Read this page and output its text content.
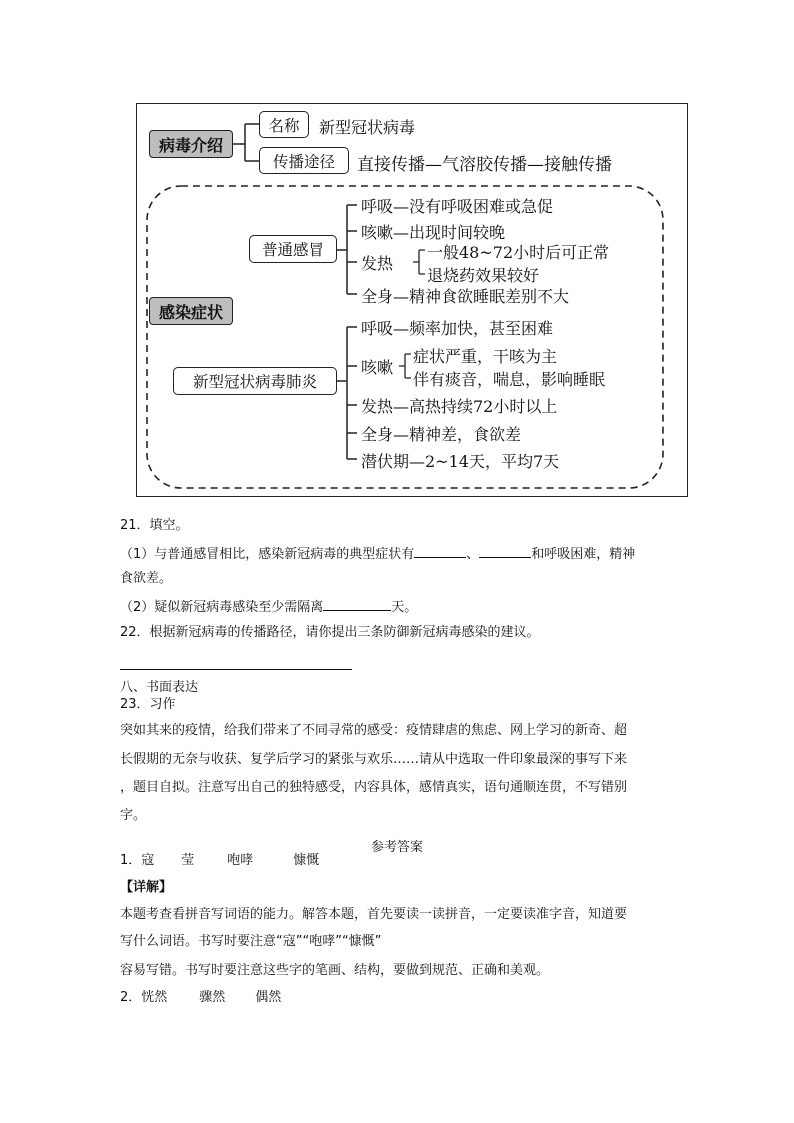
病毒介绍
名称	新型冠状病毒
传播途径	直接传播—气溶胶传播—接触传播
感染症状
普通感冒
呼吸—没有呼吸困难或急促
咳嗽—出现时间较晚
发热
一般48~72小时后可正常
退烧药效果较好
全身—精神食欲睡眠差别不大
新型冠状病毒肺炎
呼吸—频率加快，甚至困难
咳嗽
症状严重，干咳为主
伴有痰音，喘息，影响睡眠
发热—高热持续72小时以上
全身—精神差，食欲差
潜伏期—2~14天，平均7天
21．填空。
（1）与普通感冒相比，感染新冠病毒的典型症状有	、	和呼吸困难，精神
食欲差。
（2）疑似新冠病毒感染至少需隔离	天。
22．根据新冠病毒的传播路径，请你提出三条防御新冠病毒感染的建议。
八、书面表达
23．习作
突如其来的疫情，给我们带来了不同寻常的感受：疫情肆虐的焦虑、网上学习的新奇、超
长假期的无奈与收获、复学后学习的紧张与欢乐……请从中选取一件印象最深的事写下来
，题目自拟。注意写出自己的独特感受，内容具体，感情真实，语句通顺连贯，不写错别
字。
参考答案
1．寇 莹	咆哮	慷慨
【详解】
本题考查看拼音写词语的能力。解答本题，首先要读一读拼音，一定要读准字音，知道要
写什么词语。书写时要注意“寇”“咆哮”“慷慨”
容易写错。书写时要注意这些字的笔画、结构，要做到规范、正确和美观。
2．恍然 骤然 偶然
